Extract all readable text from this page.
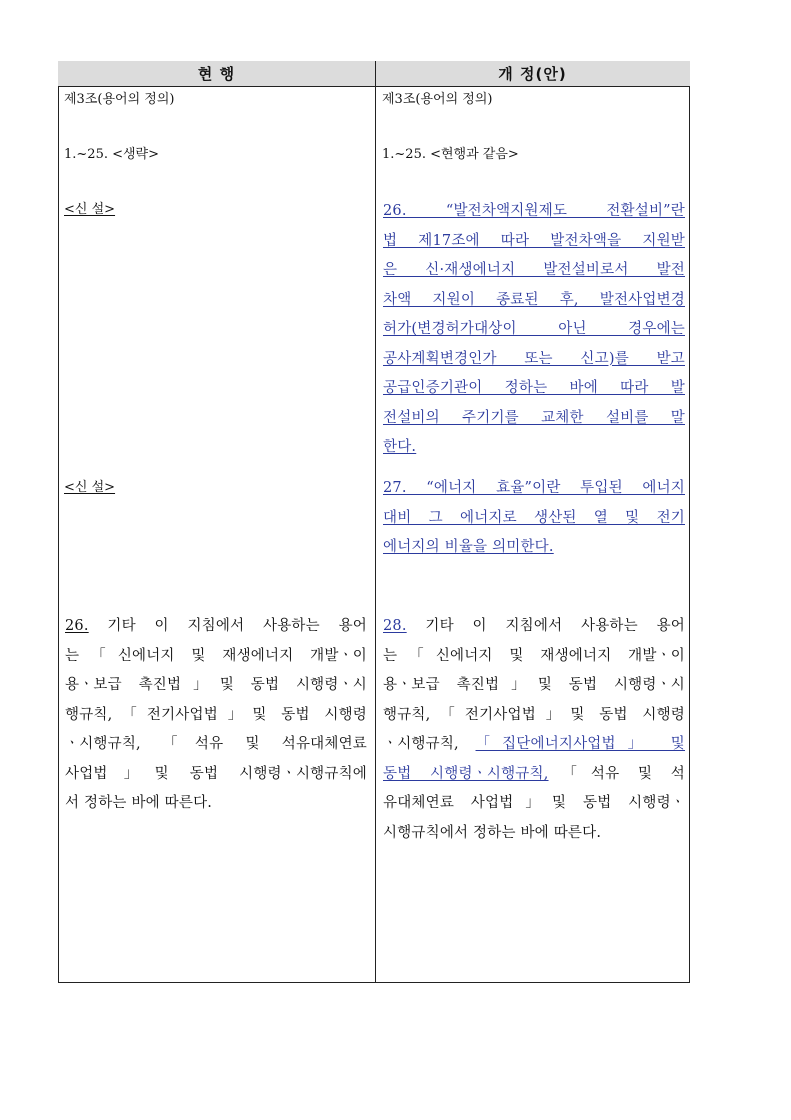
현 행	개 정(안)
제3조(용어의 정의)
1.~25. <생략>
<신 설>
<신 설>
26. 기타 이 지침에서 사용하는 용어
는「신에너지 및 재생에너지 개발ㆍ이
용ㆍ보급 촉진법」및 동법 시행령ㆍ시
행규칙,「전기사업법」및 동법 시행령
ㆍ시행규칙, 「석유 및 석유대체연료
사업법」및 동법 시행령ㆍ시행규칙에
서 정하는 바에 따른다.
제3조(용어의 정의)
1.~25. <현행과 같음>
26. “발전차액지원제도 전환설비”란
법 제17조에 따라 발전차액을 지원받
은 신·재생에너지 발전설비로서 발전
차액 지원이 종료된 후, 발전사업변경
허가(변경허가대상이 아닌 경우에는
공사계획변경인가 또는 신고)를 받고
공급인증기관이 정하는 바에 따라 발
전설비의 주기기를 교체한 설비를 말
한다.
27. “에너지 효율”이란 투입된 에너지
대비 그 에너지로 생산된 열 및 전기
에너지의 비율을 의미한다.
28. 기타 이 지침에서 사용하는 용어
는「신에너지 및 재생에너지 개발ㆍ이
용ㆍ보급 촉진법」및 동법 시행령ㆍ시
행규칙,「전기사업법」및 동법 시행령
ㆍ시행규칙, 「집단에너지사업법」 및
동법 시행령ㆍ시행규칙,「석유 및 석
유대체연료 사업법」및 동법 시행령ㆍ
시행규칙에서 정하는 바에 따른다.
